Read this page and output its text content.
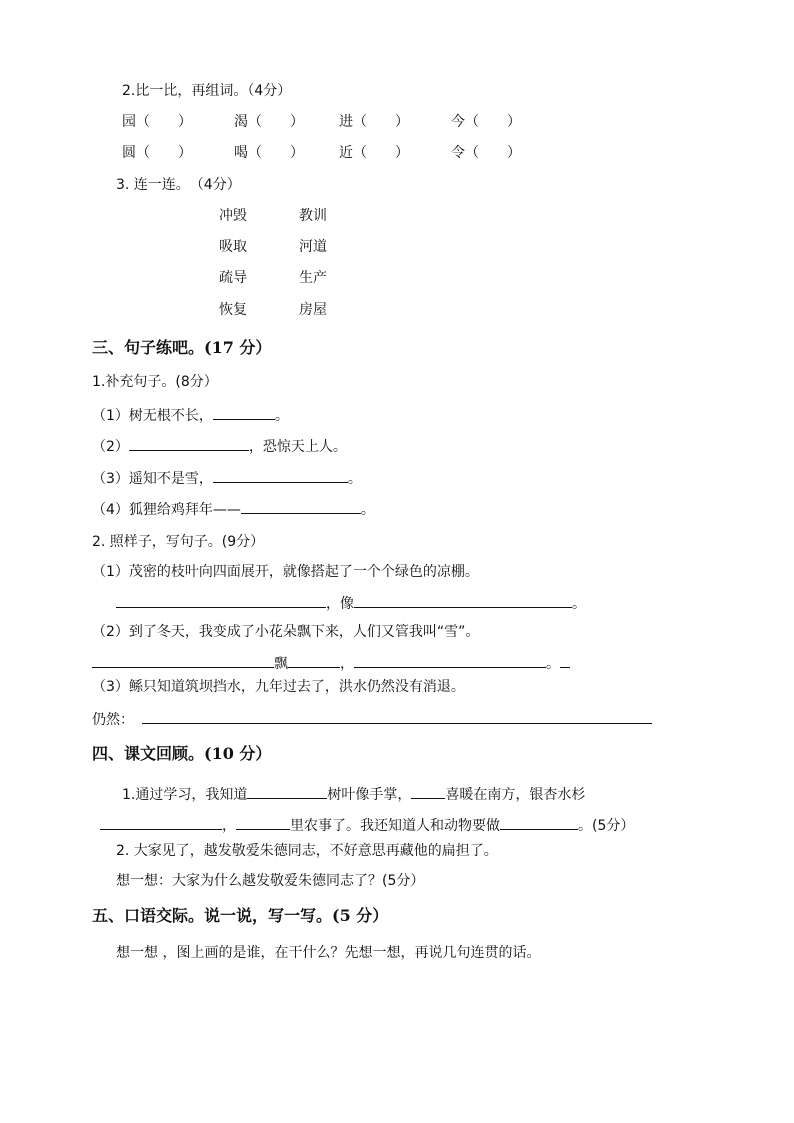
2.比一比，再组词。（4分）
园（　　）	渴（　　）	进（　　）	今（　　）
圆（　　）	喝（　　）	近（　　）	令（　　）
3. 连一连。　（4分）
冲毁	教训
吸取	河道
疏导	生产
恢复	房屋
三、句子练吧。(17 分）
1.补充句子。(8分）
（1）树无根不长，	。
（2）	，恐惊天上人。
（3）遥知不是雪，	。
（4）狐狸给鸡拜年——	。
2. 照样子，写句子。(9分）
（1）茂密的枝叶向四面展开，就像搭起了一个个绿色的凉棚。
，像	。
（2）到了冬天，我变成了小花朵飘下来，人们又管我叫“雪”。
飘	，	。
（3）鲧只知道筑坝挡水，九年过去了，洪水仍然没有消退。
仍然：
四、课文回顾。(10 分）
1.通过学习，我知道	树叶像手掌， 喜暖在南方，银杏水杉
，	里农事了。我还知道人和动物要做	。(5分）
2. 大家见了，越发敬爱朱德同志，不好意思再藏他的扁担了。
想一想：大家为什么越发敬爱朱德同志了？(5分）
五、口语交际。说一说，写一写。(5 分）
想一想 ，图上画的是谁，在干什么？先想一想，再说几句连贯的话。
